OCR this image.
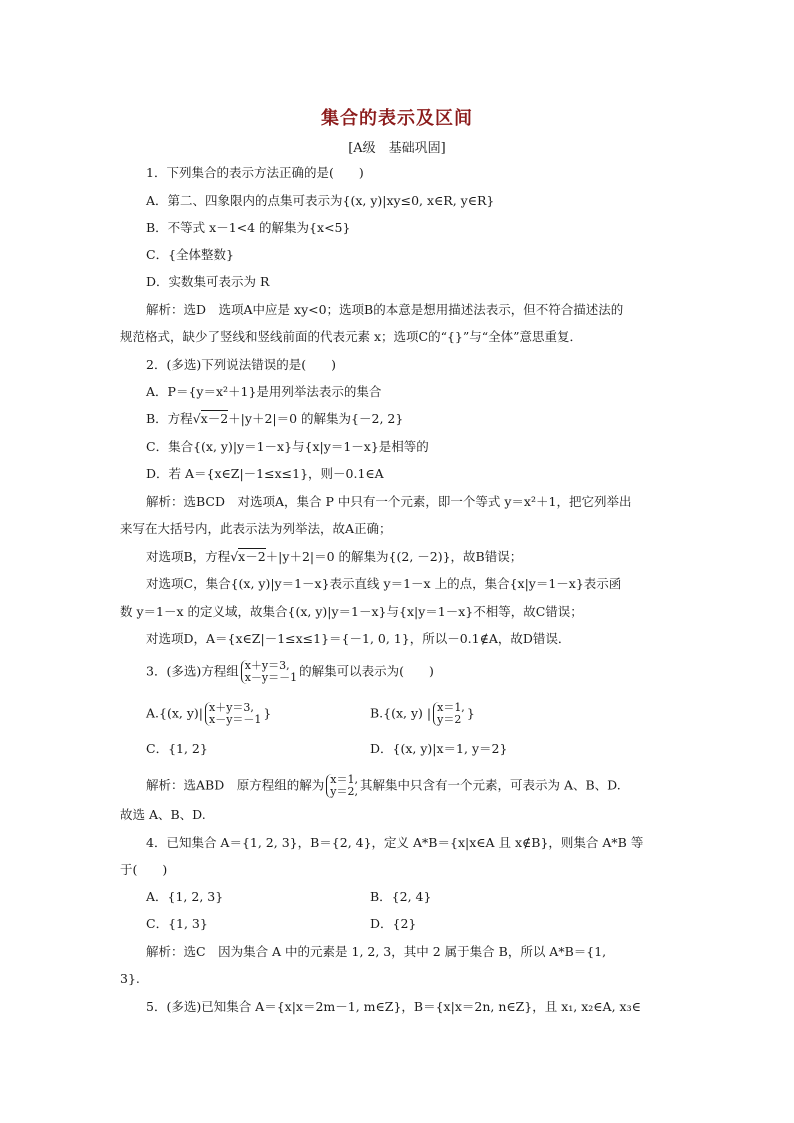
集合的表示及区间
[A级　基础巩固]
1．下列集合的表示方法正确的是(　　)
A．第二、四象限内的点集可表示为{(x, y)|xy≤0, x∈R, y∈R}
B．不等式 x－1<4 的解集为{x<5}
C．{全体整数}
D．实数集可表示为 R
解析：选D　选项A中应是 xy<0；选项B的本意是想用描述法表示，但不符合描述法的
规范格式，缺少了竖线和竖线前面的代表元素 x；选项C的“{}”与“全体”意思重复．
2．(多选)下列说法错误的是(　　)
A．P＝{y＝x²＋1}是用列举法表示的集合
B．方程√x－2＋|y＋2|＝0 的解集为{－2, 2}
C．集合{(x, y)|y＝1－x}与{x|y＝1－x}是相等的
D．若 A＝{x∈Z|－1≤x≤1}，则－0.1∈A
解析：选BCD　对选项A，集合 P 中只有一个元素，即一个等式 y＝x²＋1，把它列举出
来写在大括号内，此表示法为列举法，故A正确；
对选项B，方程√x－2＋|y＋2|＝0 的解集为{(2, －2)}，故B错误；
对选项C，集合{(x, y)|y＝1－x}表示直线 y＝1－x 上的点，集合{x|y＝1－x}表示函
数 y＝1－x 的定义域，故集合{(x, y)|y＝1－x}与{x|y＝1－x}不相等，故C错误；
对选项D，A＝{x∈Z|－1≤x≤1}＝{－1, 0, 1}，所以－0.1∉A，故D错误．
3．(多选)方程组 x＋y＝3,
x－y＝－1 的解集可以表示为(　　)
A.{(x, y)| x＋y＝3,
x－y＝－1 }	B.{(x, y) | x＝1,
y＝2 }
C．{1, 2}	D．{(x, y)|x＝1, y＝2}
解析：选ABD　原方程组的解为 x＝1,
y＝2, 其解集中只含有一个元素，可表示为 A、B、D.
故选 A、B、D.
4．已知集合 A＝{1, 2, 3}，B＝{2, 4}，定义 A*B＝{x|x∈A 且 x∉B}，则集合 A*B 等
于(　　)
A．{1, 2, 3}	B．{2, 4}
C．{1, 3}	D．{2}
解析：选C　因为集合 A 中的元素是 1, 2, 3，其中 2 属于集合 B，所以 A*B＝{1,
3}.
5．(多选)已知集合 A＝{x|x＝2m－1, m∈Z}，B＝{x|x＝2n, n∈Z}，且 x₁, x₂∈A, x₃∈
